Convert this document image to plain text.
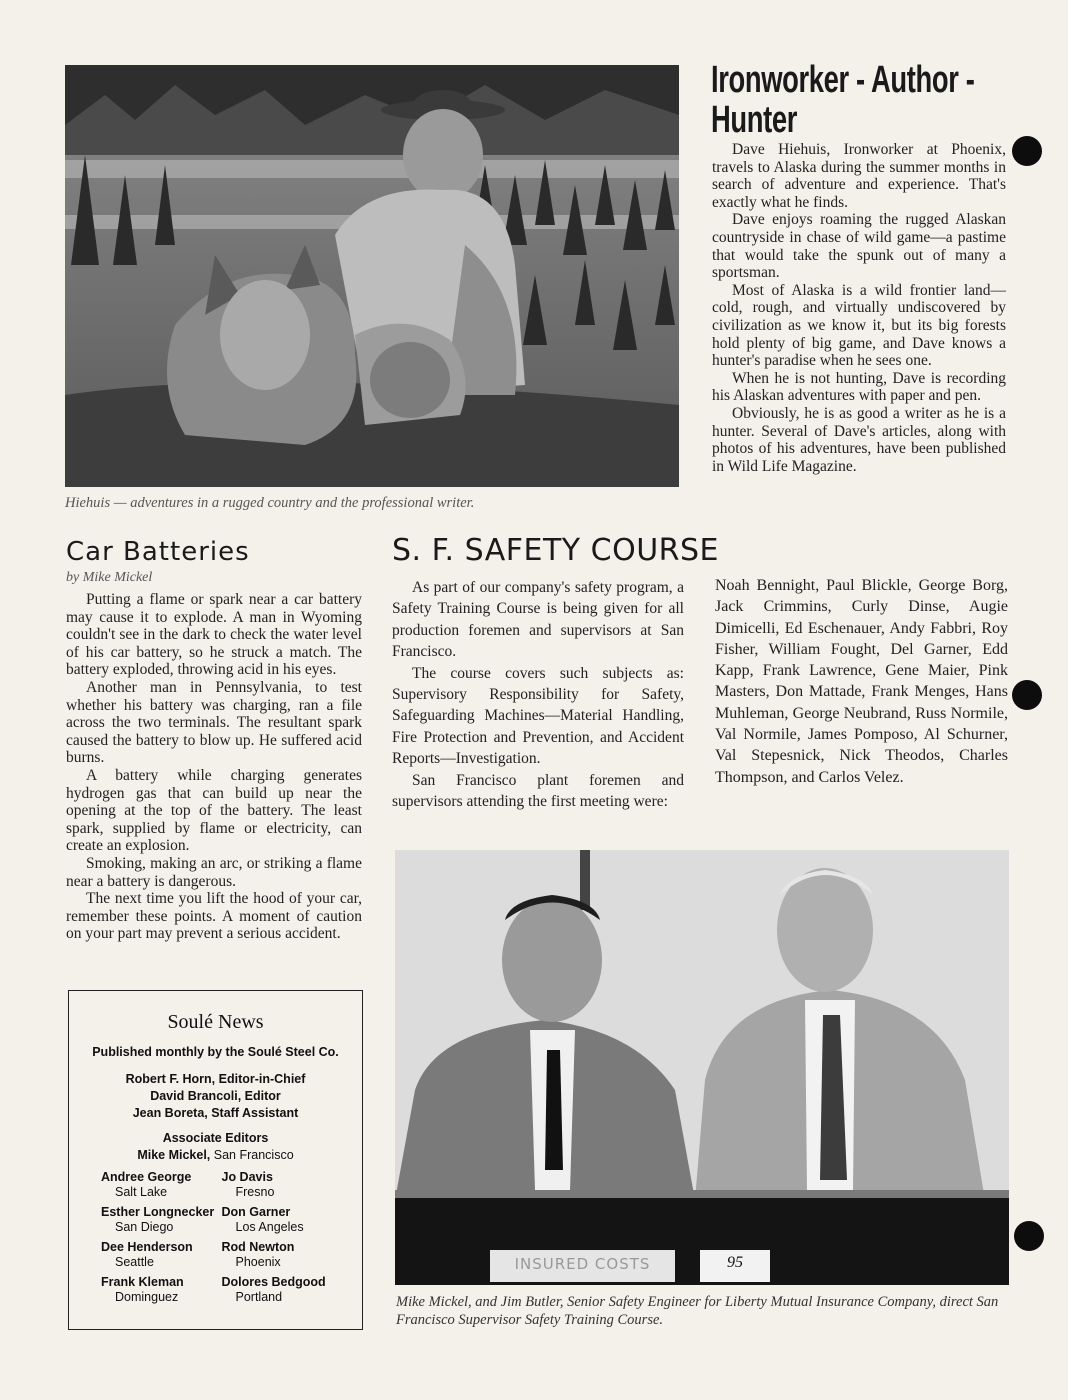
Hiehuis — adventures in a rugged country and the professional writer.
Ironworker - Author -
Hunter

Dave Hiehuis, Ironworker at Phoenix, travels to Alaska during the summer months in search of adventure and experience. That's exactly what he finds.

Dave enjoys roaming the rugged Alaskan countryside in chase of wild game—a pastime that would take the spunk out of many a sportsman.

Most of Alaska is a wild frontier land—cold, rough, and virtually undiscovered by civilization as we know it, but its big forests hold plenty of big game, and Dave knows a hunter's paradise when he sees one.

When he is not hunting, Dave is recording his Alaskan adventures with paper and pen.

Obviously, he is as good a writer as he is a hunter. Several of Dave's articles, along with photos of his adventures, have been published in Wild Life Magazine.

Car Batteries
by Mike Mickel

Putting a flame or spark near a car battery may cause it to explode. A man in Wyoming couldn't see in the dark to check the water level of his car battery, so he struck a match. The battery exploded, throwing acid in his eyes.

Another man in Pennsylvania, to test whether his battery was charging, ran a file across the two terminals. The resultant spark caused the battery to blow up. He suffered acid burns.

A battery while charging generates hydrogen gas that can build up near the opening at the top of the battery. The least spark, supplied by flame or electricity, can create an explosion.

Smoking, making an arc, or striking a flame near a battery is dangerous.

The next time you lift the hood of your car, remember these points. A moment of caution on your part may prevent a serious accident.

Soulé News
Published monthly by the Soulé Steel Co.
Robert F. Horn, Editor-in-Chief
David Brancoli, Editor
Jean Boreta, Staff Assistant
Associate Editors
Mike Mickel, San Francisco
Andree George
Salt Lake
Jo Davis
Fresno
Esther Longnecker
San Diego
Don Garner
Los Angeles
Dee Henderson
Seattle
Rod Newton
Phoenix
Frank Kleman
Dominguez
Dolores Bedgood
Portland
S. F. SAFETY COURSE

As part of our company's safety program, a Safety Training Course is being given for all production foremen and supervisors at San Francisco.

The course covers such subjects as: Supervisory Responsibility for Safety, Safeguarding Machines—Material Handling, Fire Protection and Prevention, and Accident Reports—Investigation.

San Francisco plant foremen and supervisors attending the first meeting were:

Noah Bennight, Paul Blickle, George Borg, Jack Crimmins, Curly Dinse, Augie Dimicelli, Ed Eschenauer, Andy Fabbri, Roy Fisher, William Fought, Del Garner, Edd Kapp, Frank Lawrence, Gene Maier, Pink Masters, Don Mattade, Frank Menges, Hans Muhleman, George Neubrand, Russ Normile, Val Normile, James Pomposo, Al Schurner, Val Stepesnick, Nick Theodos, Charles Thompson, and Carlos Velez.
INSURED COSTS	95
Mike Mickel, and Jim Butler, Senior Safety Engineer for Liberty Mutual Insurance Company, direct San Francisco Supervisor Safety Training Course.
